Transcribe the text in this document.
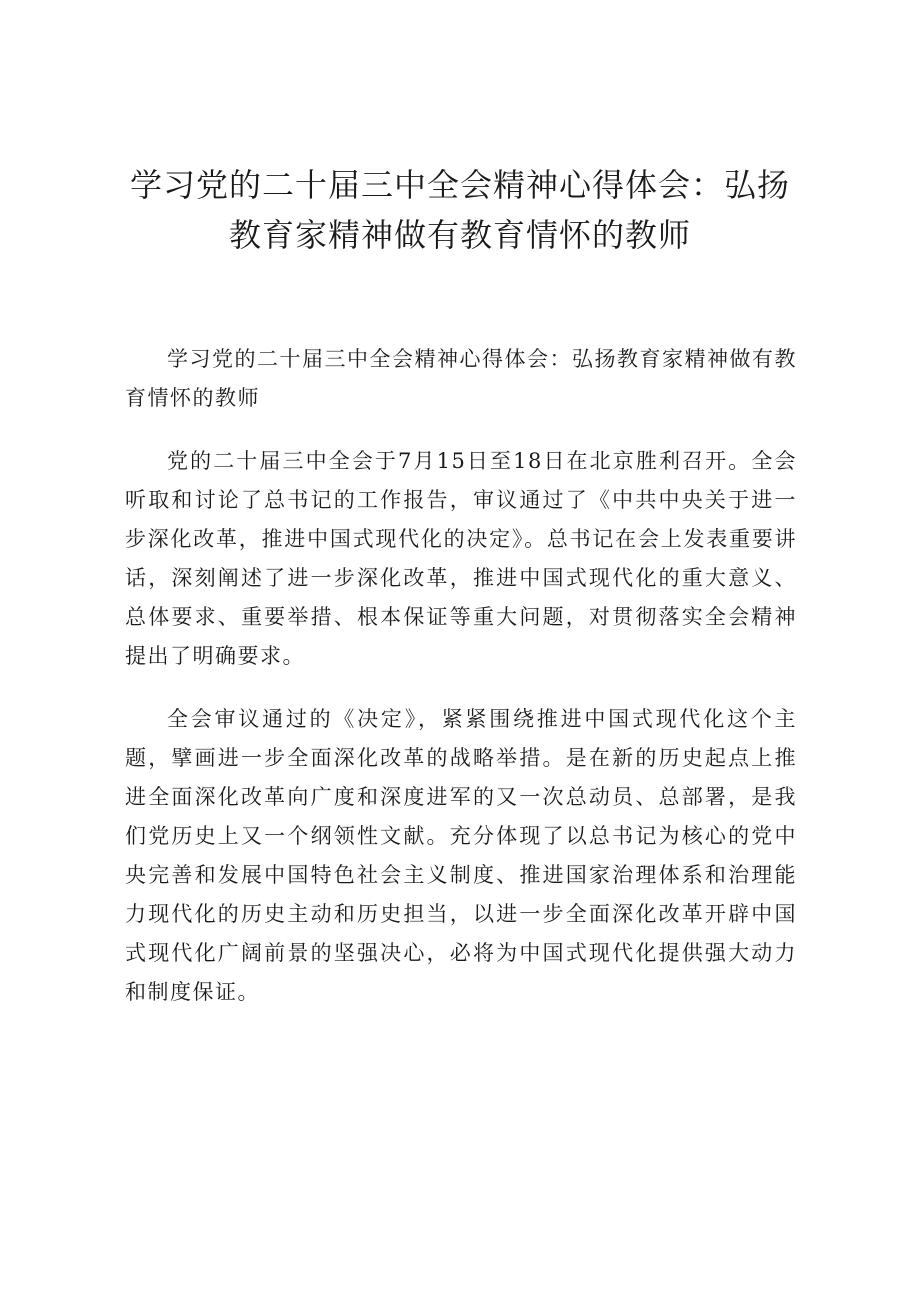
学习党的二十届三中全会精神心得体会：弘扬教育家精神做有教育情怀的教师

学习党的二十届三中全会精神心得体会：弘扬教育家精神做有教育情怀的教师

党的二十届三中全会于7月15日至18日在北京胜利召开。全会听取和讨论了总书记的工作报告，审议通过了《中共中央关于进一步深化改革，推进中国式现代化的决定》。总书记在会上发表重要讲话，深刻阐述了进一步深化改革，推进中国式现代化的重大意义、总体要求、重要举措、根本保证等重大问题，对贯彻落实全会精神提出了明确要求。

全会审议通过的《决定》，紧紧围绕推进中国式现代化这个主题，擘画进一步全面深化改革的战略举措。是在新的历史起点上推进全面深化改革向广度和深度进军的又一次总动员、总部署，是我们党历史上又一个纲领性文献。充分体现了以总书记为核心的党中央完善和发展中国特色社会主义制度、推进国家治理体系和治理能力现代化的历史主动和历史担当，以进一步全面深化改革开辟中国式现代化广阔前景的坚强决心，必将为中国式现代化提供强大动力和制度保证。
